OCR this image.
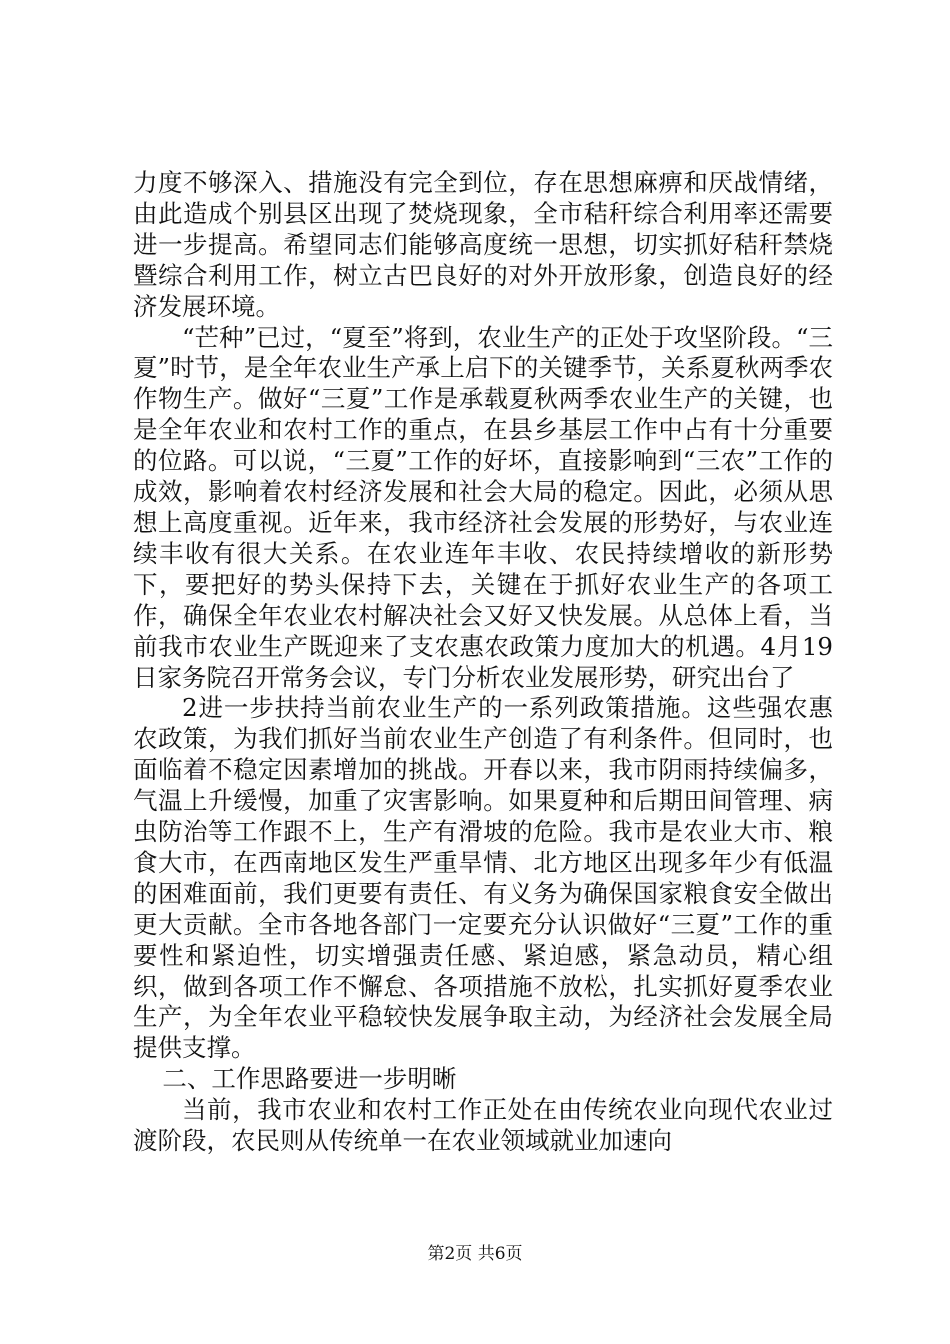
力度不够深入、措施没有完全到位，存在思想麻痹和厌战情绪，由此造成个别县区出现了焚烧现象，全市秸秆综合利用率还需要进一步提高。希望同志们能够高度统一思想，切实抓好秸秆禁烧暨综合利用工作，树立古巴良好的对外开放形象，创造良好的经济发展环境。

“芒种”已过，“夏至”将到，农业生产的正处于攻坚阶段。“三夏”时节，是全年农业生产承上启下的关键季节，关系夏秋两季农作物生产。做好“三夏”工作是承载夏秋两季农业生产的关键，也是全年农业和农村工作的重点，在县乡基层工作中占有十分重要的位路。可以说，“三夏”工作的好坏，直接影响到“三农”工作的成效，影响着农村经济发展和社会大局的稳定。因此，必须从思想上高度重视。近年来，我市经济社会发展的形势好，与农业连续丰收有很大关系。在农业连年丰收、农民持续增收的新形势下，要把好的势头保持下去，关键在于抓好农业生产的各项工作，确保全年农业农村解决社会又好又快发展。从总体上看，当前我市农业生产既迎来了支农惠农政策力度加大的机遇。4月19日家务院召开常务会议，专门分析农业发展形势，研究出台了

2进一步扶持当前农业生产的一系列政策措施。这些强农惠农政策，为我们抓好当前农业生产创造了有利条件。但同时，也面临着不稳定因素增加的挑战。开春以来，我市阴雨持续偏多，气温上升缓慢，加重了灾害影响。如果夏种和后期田间管理、病虫防治等工作跟不上，生产有滑坡的危险。我市是农业大市、粮食大市，在西南地区发生严重旱情、北方地区出现多年少有低温的困难面前，我们更要有责任、有义务为确保国家粮食安全做出更大贡献。全市各地各部门一定要充分认识做好“三夏”工作的重要性和紧迫性，切实增强责任感、紧迫感，紧急动员，精心组织，做到各项工作不懈怠、各项措施不放松，扎实抓好夏季农业生产，为全年农业平稳较快发展争取主动，为经济社会发展全局提供支撑。

二、工作思路要进一步明晰

当前，我市农业和农村工作正处在由传统农业向现代农业过渡阶段，农民则从传统单一在农业领域就业加速向

第2页 共6页
